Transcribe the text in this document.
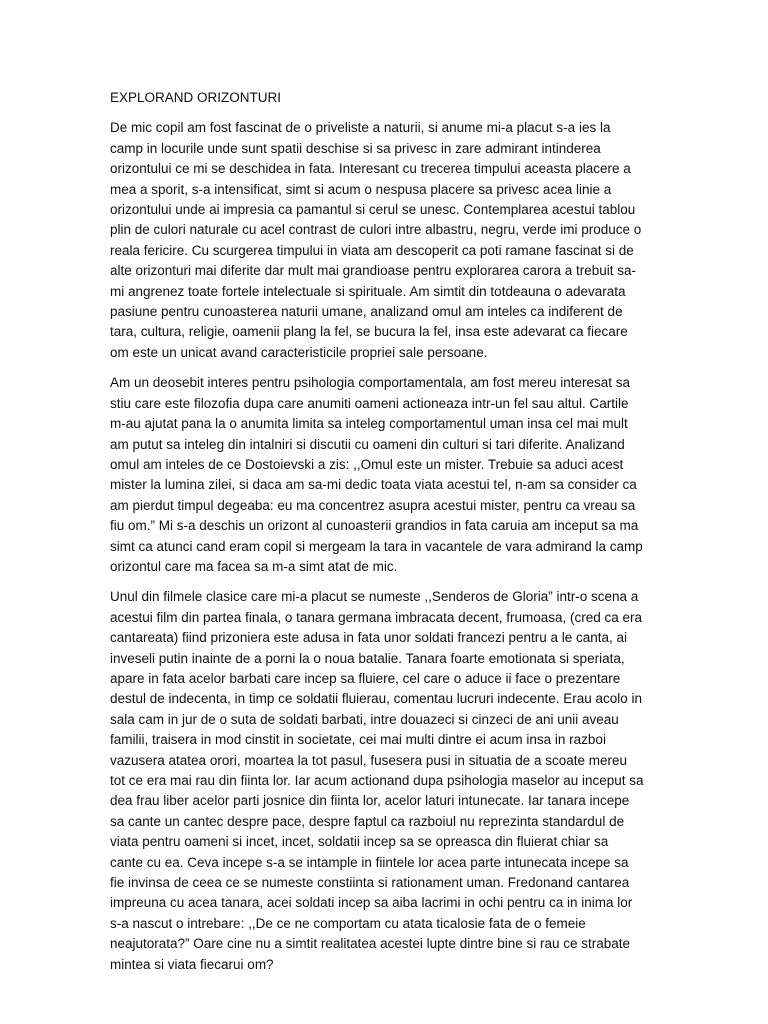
EXPLORAND ORIZONTURI

De mic copil am fost fascinat de o priveliste a naturii, si anume mi-a placut s-a ies la camp in locurile unde sunt spatii deschise si sa privesc in zare admirant intinderea orizontului ce mi se deschidea in fata. Interesant cu trecerea timpului aceasta placere a mea a sporit, s-a intensificat, simt si acum o nespusa placere sa privesc acea linie a orizontului unde ai impresia ca pamantul si cerul se unesc. Contemplarea acestui tablou plin de culori naturale cu acel contrast de culori intre albastru, negru, verde imi produce o reala fericire. Cu scurgerea timpului in viata am descoperit ca poti ramane fascinat si de alte orizonturi mai diferite dar mult mai grandioase pentru explorarea carora a trebuit sa-mi angrenez toate fortele intelectuale si spirituale. Am simtit din totdeauna o adevarata pasiune pentru cunoasterea naturii umane, analizand omul am inteles ca indiferent de tara, cultura, religie, oamenii plang la fel, se bucura la fel, insa este adevarat ca fiecare om este un unicat avand caracteristicile propriei sale persoane.

Am un deosebit interes pentru psihologia comportamentala, am fost mereu interesat sa stiu care este filozofia dupa care anumiti oameni actioneaza intr-un fel sau altul. Cartile m-au ajutat pana la o anumita limita sa inteleg comportamentul uman insa cel mai mult am putut sa inteleg din intalniri si discutii cu oameni din culturi si tari diferite. Analizand omul am inteles de ce Dostoievski a zis: ,,Omul este un mister. Trebuie sa aduci acest mister la lumina zilei, si daca am sa-mi dedic toata viata acestui tel, n-am sa consider ca am pierdut timpul degeaba: eu ma concentrez asupra acestui mister, pentru ca vreau sa fiu om.” Mi s-a deschis un orizont al cunoasterii grandios in fata caruia am inceput sa ma simt ca atunci cand eram copil si mergeam la tara in vacantele de vara admirand la camp orizontul care ma facea sa m-a simt atat de mic.

Unul din filmele clasice care mi-a placut se numeste ,,Senderos de Gloria” intr-o scena a acestui film din partea finala, o tanara germana imbracata decent, frumoasa, (cred ca era cantareata) fiind prizoniera este adusa in fata unor soldati francezi pentru a le canta, ai inveseli putin inainte de a porni la o noua batalie. Tanara foarte emotionata si speriata, apare in fata acelor barbati care incep sa fluiere, cel care o aduce ii face o prezentare destul de indecenta, in timp ce soldatii fluierau, comentau lucruri indecente. Erau acolo in sala cam in jur de o suta de soldati barbati, intre douazeci si cinzeci de ani unii aveau familii, traisera in mod cinstit in societate, cei mai multi dintre ei acum insa in razboi vazusera atatea orori, moartea la tot pasul, fusesera pusi in situatia de a scoate mereu tot ce era mai rau din fiinta lor. Iar acum actionand dupa psihologia maselor au inceput sa dea frau liber acelor parti josnice din fiinta lor, acelor laturi intunecate. Iar tanara incepe sa cante un cantec despre pace, despre faptul ca razboiul nu reprezinta standardul de viata pentru oameni si incet, incet, soldatii incep sa se opreasca din fluierat chiar sa cante cu ea. Ceva incepe s-a se intample in fiintele lor acea parte intunecata incepe sa fie invinsa de ceea ce se numeste constiinta si rationament uman. Fredonand cantarea impreuna cu acea tanara, acei soldati incep sa aiba lacrimi in ochi pentru ca in inima lor s-a nascut o intrebare: ,,De ce ne comportam cu atata ticalosie fata de o femeie neajutorata?” Oare cine nu a simtit realitatea acestei lupte dintre bine si rau ce strabate mintea si viata fiecarui om?
